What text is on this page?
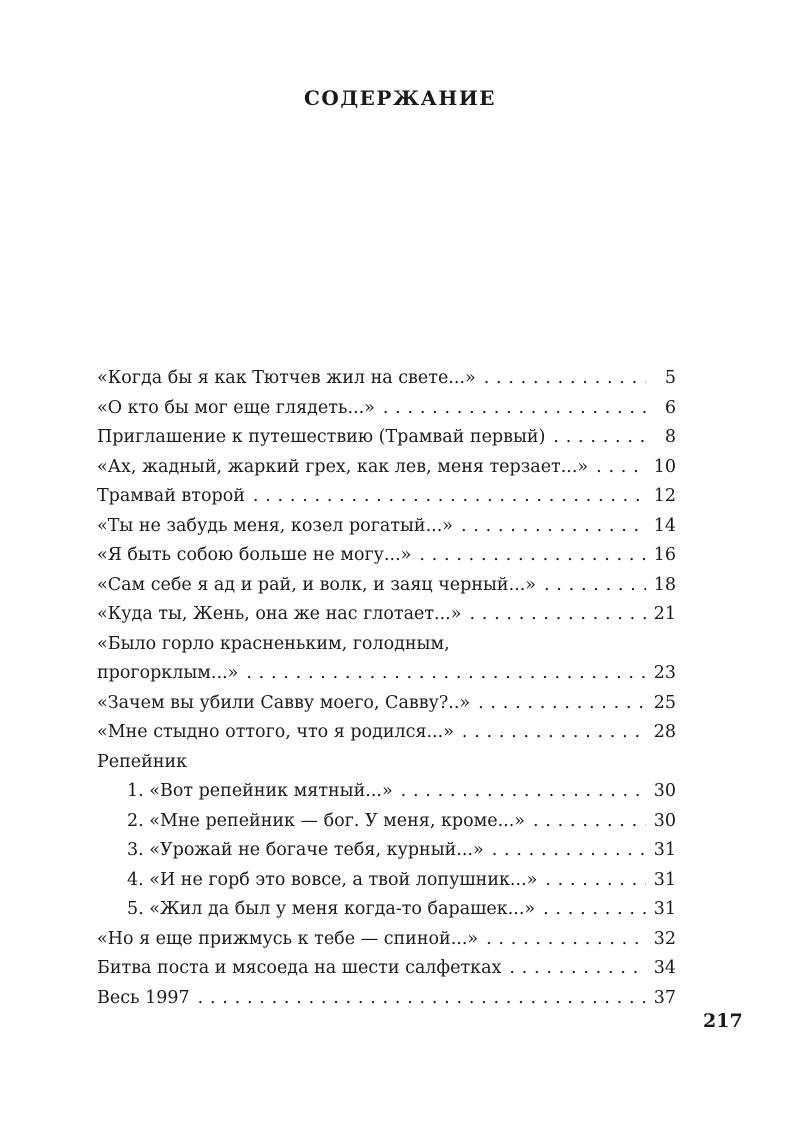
СОДЕРЖАНИЕ
«Когда бы я как Тютчев жил на свете...» . . .	5
«О кто бы мог еще глядеть...» . . .	6
Приглашение к путешествию (Трамвай первый) . . .	8
«Ах, жадный, жаркий грех, как лев, меня терзает...» . . .	10
Трамвай второй . . .	12
«Ты не забудь меня, козел рогатый...» . . .	14
«Я быть собою больше не могу...» . . .	16
«Сам себе я ад и рай, и волк, и заяц черный...» . . .	18
«Куда ты, Жень, она же нас глотает...» . . .	21
«Было горло красненьким, голодным,
прогорклым...» . . .	23
«Зачем вы убили Савву моего, Савву?..» . . .	25
«Мне стыдно оттого, что я родился...» . . .	28
Репейник
1. «Вот репейник мятный...» . . .	30
2. «Мне репейник — бог. У меня, кроме...» . . .	30
3. «Урожай не богаче тебя, курный...» . . .	31
4. «И не горб это вовсе, а твой лопушник...» . . .	31
5. «Жил да был у меня когда-то барашек...» . . .	31
«Но я еще прижмусь к тебе — спиной...» . . .	32
Битва поста и мясоеда на шести салфетках . . .	34
Весь 1997 . . .	37
217
